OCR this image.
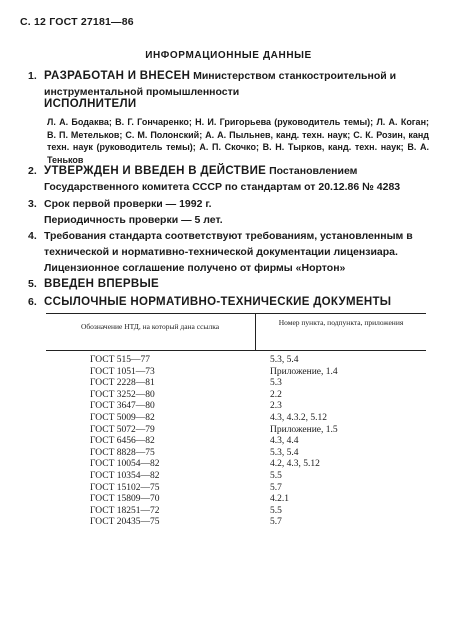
С. 12 ГОСТ 27181—86
ИНФОРМАЦИОННЫЕ ДАННЫЕ
1. РАЗРАБОТАН И ВНЕСЕН Министерством станкостроительной и инструментальной промышленности
ИСПОЛНИТЕЛИ
Л. А. Бодаква; В. Г. Гончаренко; Н. И. Григорьева (руководитель темы); Л. А. Коган; В. П. Метельков; С. М. Полонский; А. А. Пыльнев, канд. техн. наук; С. К. Розин, канд техн. наук (руководитель темы); А. П. Скочко; В. Н. Тырков, канд. техн. наук; В. А. Теньков
2. УТВЕРЖДЕН И ВВЕДЕН В ДЕЙСТВИЕ Постановлением Государственного комитета СССР по стандартам от 20.12.86 № 4283
3. Срок первой проверки — 1992 г. Периодичность проверки — 5 лет.
4. Требования стандарта соответствуют требованиям, установленным в технической и нормативно-технической документации лицензиара. Лицензионное соглашение получено от фирмы «Нортон»
5. ВВЕДЕН ВПЕРВЫЕ
6. ССЫЛОЧНЫЕ НОРМАТИВНО-ТЕХНИЧЕСКИЕ ДОКУМЕНТЫ
Обозначение НТД, на который дана ссылка	Номер пункта, подпункта, приложения
ГОСТ 515—77	5.3, 5.4
ГОСТ 1051—73	Приложение, 1.4
ГОСТ 2228—81	5.3
ГОСТ 3252—80	2.2
ГОСТ 3647—80	2.3
ГОСТ 5009—82	4.3, 4.3.2, 5.12
ГОСТ 5072—79	Приложение, 1.5
ГОСТ 6456—82	4.3, 4.4
ГОСТ 8828—75	5.3, 5.4
ГОСТ 10054—82	4.2, 4.3, 5.12
ГОСТ 10354—82	5.5
ГОСТ 15102—75	5.7
ГОСТ 15809—70	4.2.1
ГОСТ 18251—72	5.5
ГОСТ 20435—75	5.7
